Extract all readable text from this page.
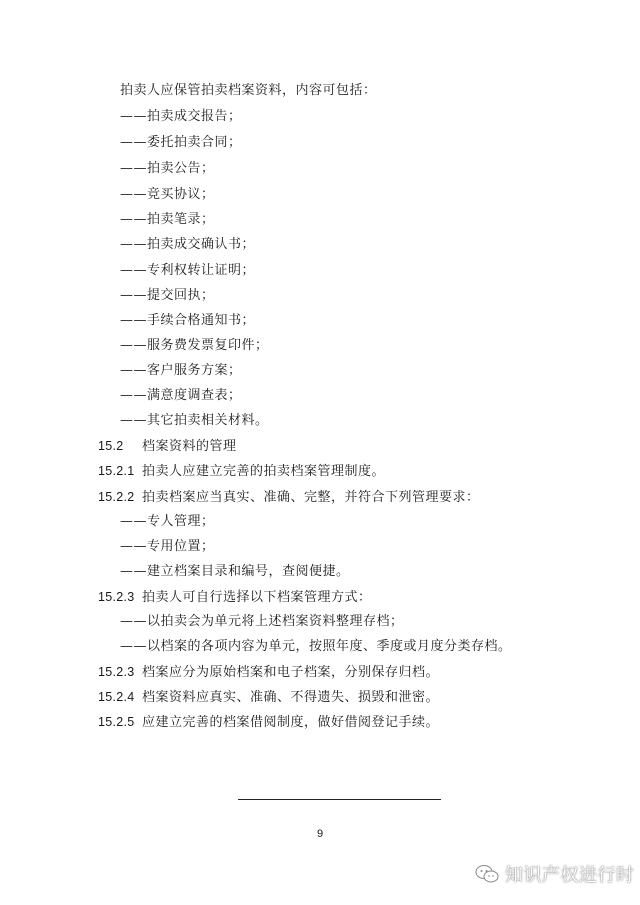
拍卖人应保管拍卖档案资料，内容可包括：
——拍卖成交报告；
——委托拍卖合同；
——拍卖公告；
——竞买协议；
——拍卖笔录；
——拍卖成交确认书；
——专利权转让证明；
——提交回执；
——手续合格通知书；
——服务费发票复印件；
——客户服务方案；
——满意度调查表；
——其它拍卖相关材料。
15.2 档案资料的管理
15.2.1 拍卖人应建立完善的拍卖档案管理制度。
15.2.2 拍卖档案应当真实、准确、完整，并符合下列管理要求：
——专人管理；
——专用位置；
——建立档案目录和编号，查阅便捷。
15.2.3 拍卖人可自行选择以下档案管理方式：
——以拍卖会为单元将上述档案资料整理存档；
——以档案的各项内容为单元，按照年度、季度或月度分类存档。
15.2.3 档案应分为原始档案和电子档案，分别保存归档。
15.2.4 档案资料应真实、准确、不得遗失、损毁和泄密。
15.2.5 应建立完善的档案借阅制度，做好借阅登记手续。
9
知识产权进行时
